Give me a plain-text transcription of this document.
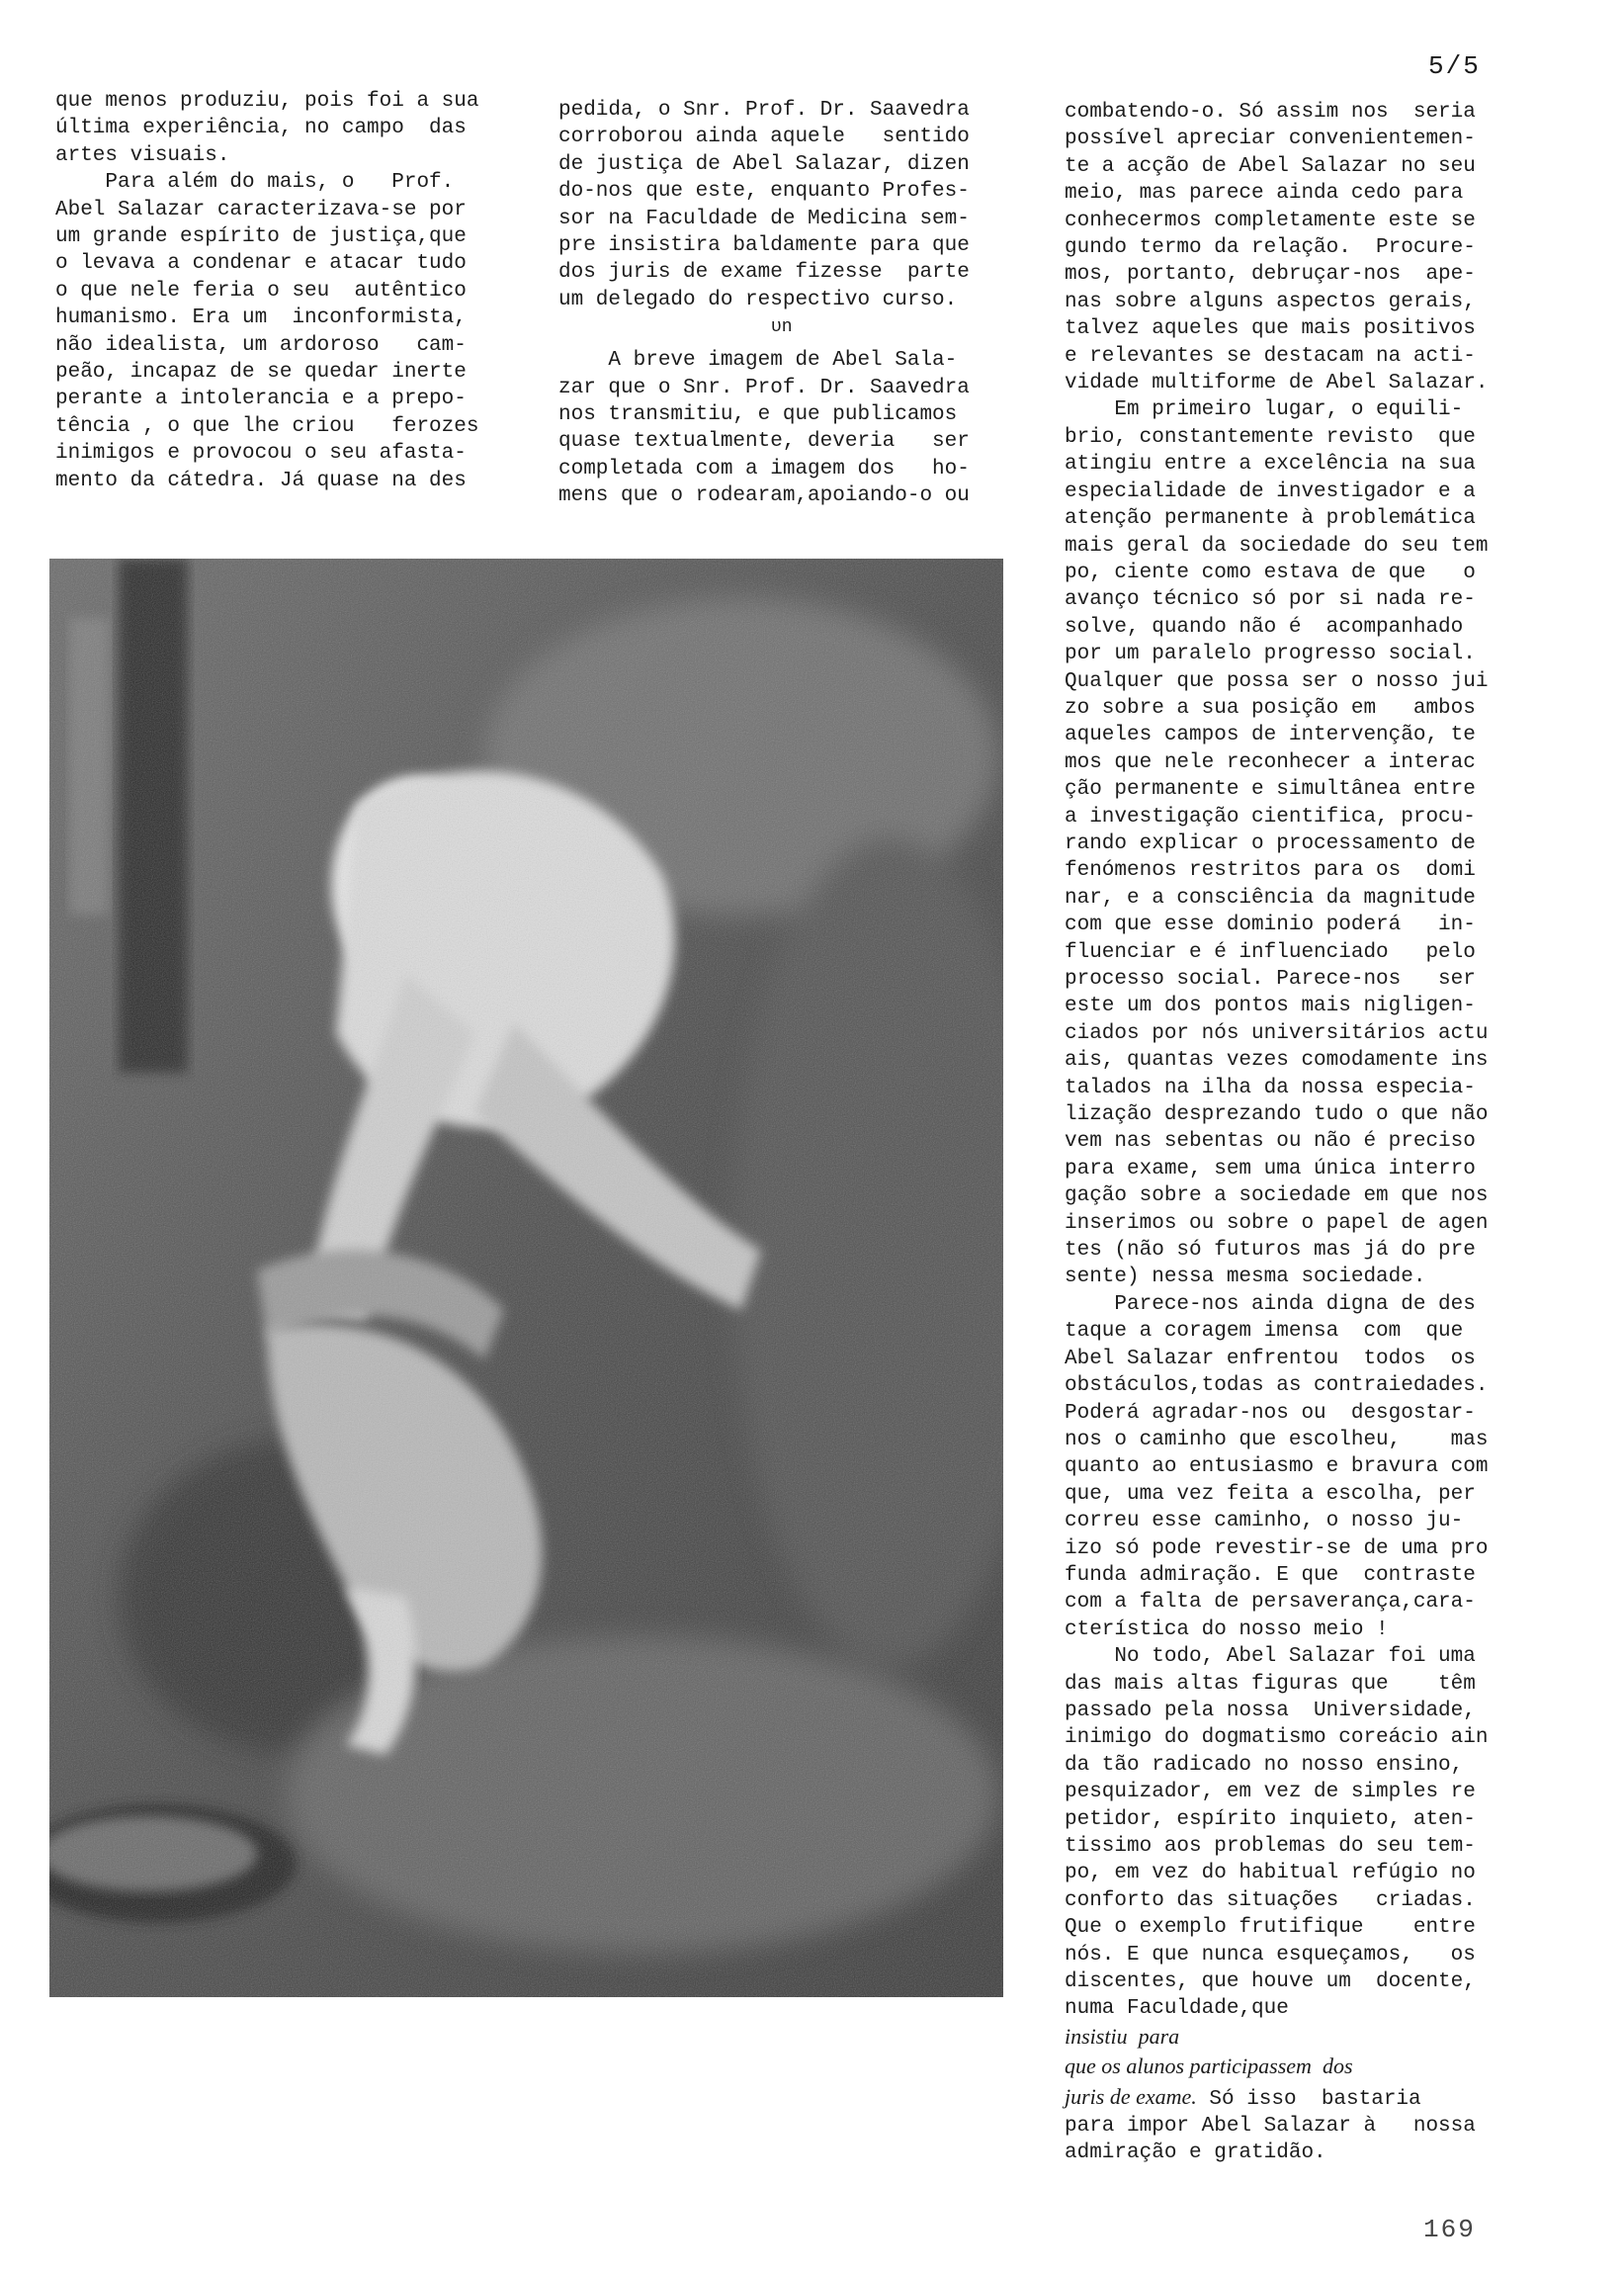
5/5

que menos produziu, pois foi a sua

última experiência, no campo  das

artes visuais.

Para além do mais, o   Prof.

Abel Salazar caracterizava-se por

um grande espírito de justiça,que

o levava a condenar e atacar tudo

o que nele feria o seu  autêntico

humanismo. Era um  inconformista,

não idealista, um ardoroso   cam-

peão, incapaz de se quedar inerte

perante a intolerancia e a prepo-

tência , o que lhe criou   ferozes

inimigos e provocou o seu afasta-

mento da cátedra. Já quase na des

pedida, o Snr. Prof. Dr. Saavedra

corroborou ainda aquele   sentido

de justiça de Abel Salazar, dizen

do-nos que este, enquanto Profes-

sor na Faculdade de Medicina sem-

pre insistira baldamente para que

dos juris de exame fizesse  parte

um delegado do respectivo curso.

ʋn

A breve imagem de Abel Sala-

zar que o Snr. Prof. Dr. Saavedra

nos transmitiu, e que publicamos

quase textualmente, deveria   ser

completada com a imagem dos   ho-

mens que o rodearam,apoiando-o ou

combatendo-o. Só assim nos  seria

possível apreciar convenientemen-

te a acção de Abel Salazar no seu

meio, mas parece ainda cedo para

conhecermos completamente este se

gundo termo da relação.  Procure-

mos, portanto, debruçar-nos  ape-

nas sobre alguns aspectos gerais,

talvez aqueles que mais positivos

e relevantes se destacam na acti-

vidade multiforme de Abel Salazar.

Em primeiro lugar, o equili-

brio, constantemente revisto  que

atingiu entre a excelência na sua

especialidade de investigador e a

atenção permanente à problemática

mais geral da sociedade do seu tem

po, ciente como estava de que   o

avanço técnico só por si nada re-

solve, quando não é  acompanhado

por um paralelo progresso social.

Qualquer que possa ser o nosso jui

zo sobre a sua posição em   ambos

aqueles campos de intervenção, te

mos que nele reconhecer a interac

ção permanente e simultânea entre

a investigação cientifica, procu-

rando explicar o processamento de

fenómenos restritos para os  domi

nar, e a consciência da magnitude

com que esse dominio poderá   in-

fluenciar e é influenciado   pelo

processo social. Parece-nos   ser

este um dos pontos mais nigligen-

ciados por nós universitários actu

ais, quantas vezes comodamente ins

talados na ilha da nossa especia-

lização desprezando tudo o que não

vem nas sebentas ou não é preciso

para exame, sem uma única interro

gação sobre a sociedade em que nos

inserimos ou sobre o papel de agen

tes (não só futuros mas já do pre

sente) nessa mesma sociedade.

Parece-nos ainda digna de des

taque a coragem imensa  com  que

Abel Salazar enfrentou  todos  os

obstáculos,todas as contraiedades.

Poderá agradar-nos ou  desgostar-

nos o caminho que escolheu,    mas

quanto ao entusiasmo e bravura com

que, uma vez feita a escolha, per

correu esse caminho, o nosso ju-

izo só pode revestir-se de uma pro

funda admiração. E que  contraste

com a falta de persaverança,cara-

cterística do nosso meio !

No todo, Abel Salazar foi uma

das mais altas figuras que    têm

passado pela nossa  Universidade,

inimigo do dogmatismo coreácio ain

da tão radicado no nosso ensino,

pesquizador, em vez de simples re

petidor, espírito inquieto, aten-

tissimo aos problemas do seu tem-

po, em vez do habitual refúgio no

conforto das situações   criadas.

Que o exemplo frutifique    entre

nós. E que nunca esqueçamos,   os

discentes, que houve um  docente,

numa Faculdade,que

insistiu  para

que os alunos participassem  dos

juris de exame. Só isso  bastaria

para impor Abel Salazar à   nossa

admiração e gratidão.

169
